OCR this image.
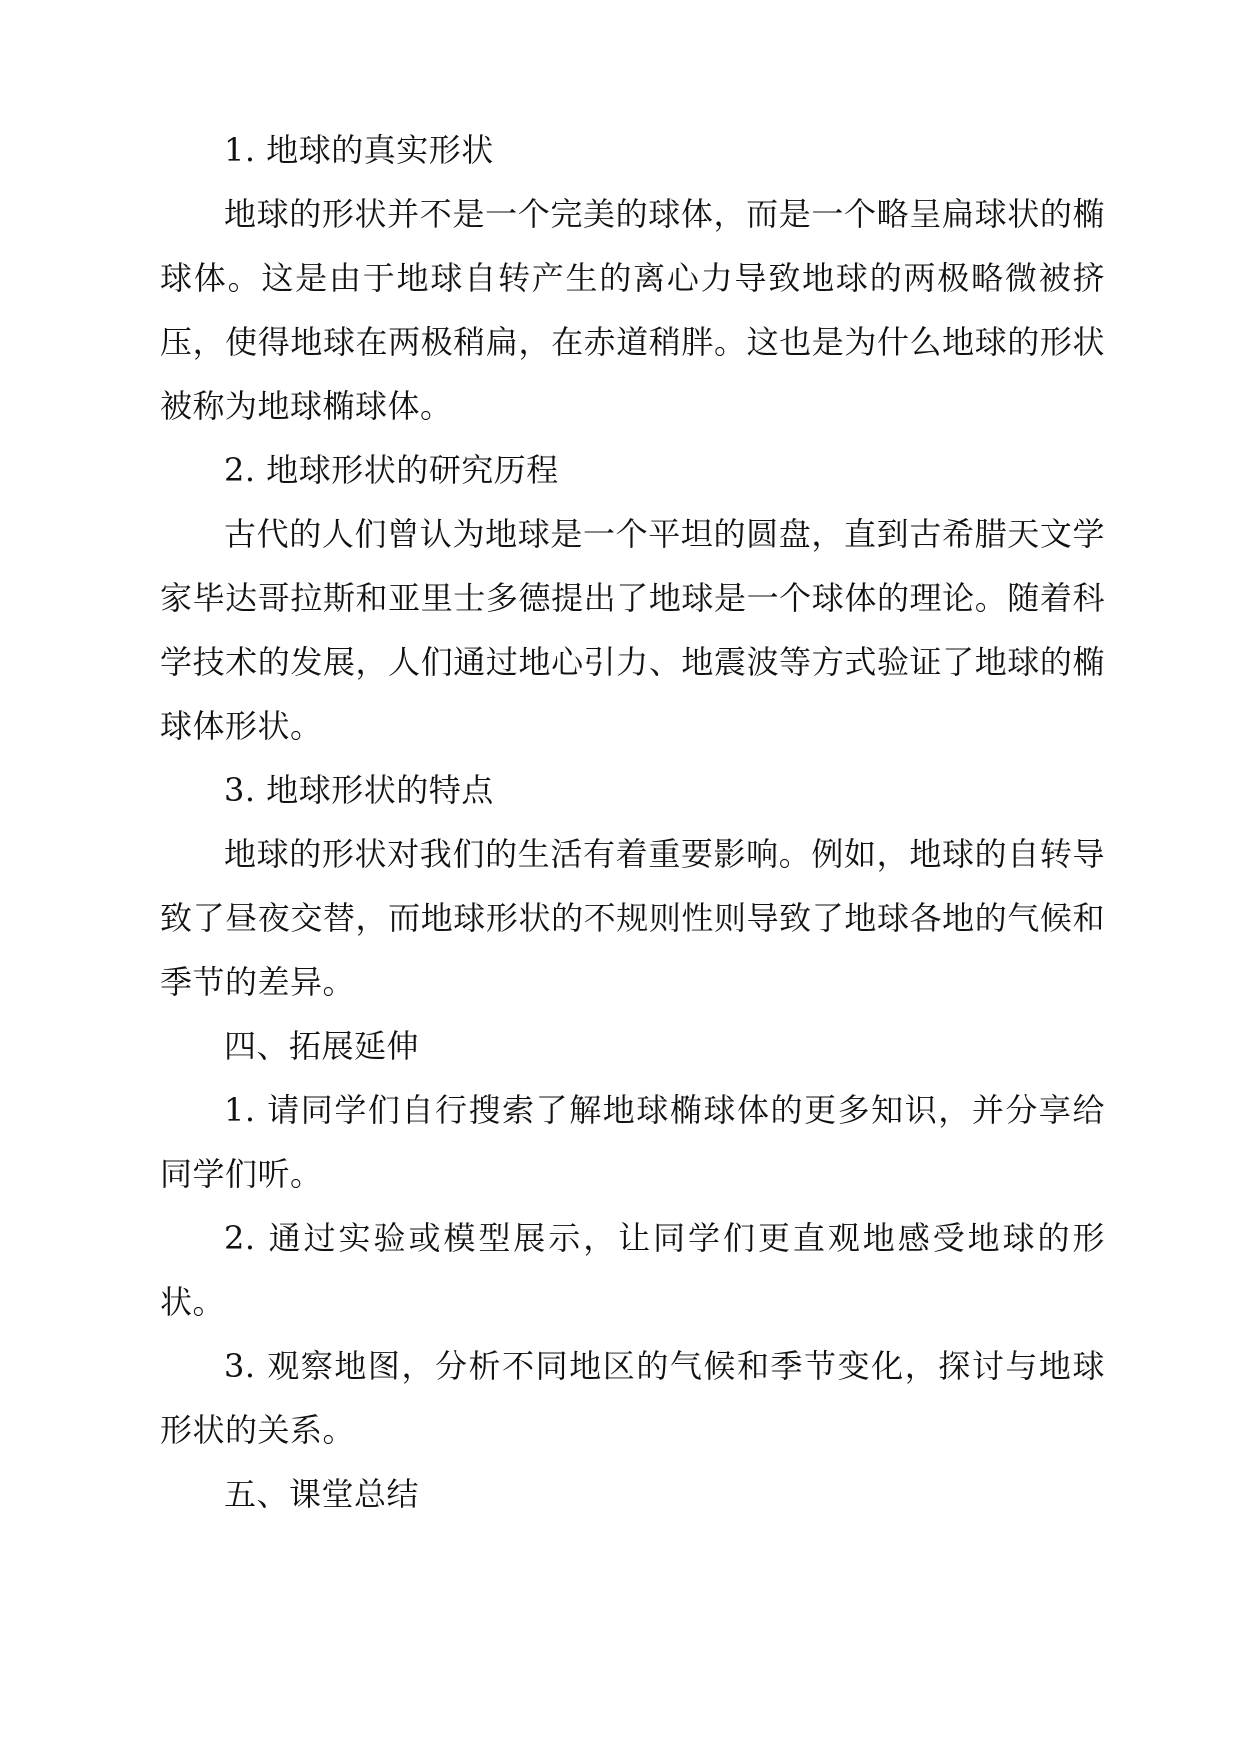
1. 地球的真实形状

地球的形状并不是一个完美的球体，而是一个略呈扁球状的椭球体。这是由于地球自转产生的离心力导致地球的两极略微被挤压，使得地球在两极稍扁，在赤道稍胖。这也是为什么地球的形状被称为地球椭球体。

2. 地球形状的研究历程

古代的人们曾认为地球是一个平坦的圆盘，直到古希腊天文学家毕达哥拉斯和亚里士多德提出了地球是一个球体的理论。随着科学技术的发展，人们通过地心引力、地震波等方式验证了地球的椭球体形状。

3. 地球形状的特点

地球的形状对我们的生活有着重要影响。例如，地球的自转导致了昼夜交替，而地球形状的不规则性则导致了地球各地的气候和季节的差异。

四、拓展延伸

1. 请同学们自行搜索了解地球椭球体的更多知识，并分享给同学们听。

2. 通过实验或模型展示，让同学们更直观地感受地球的形状。

3. 观察地图，分析不同地区的气候和季节变化，探讨与地球形状的关系。

五、课堂总结
